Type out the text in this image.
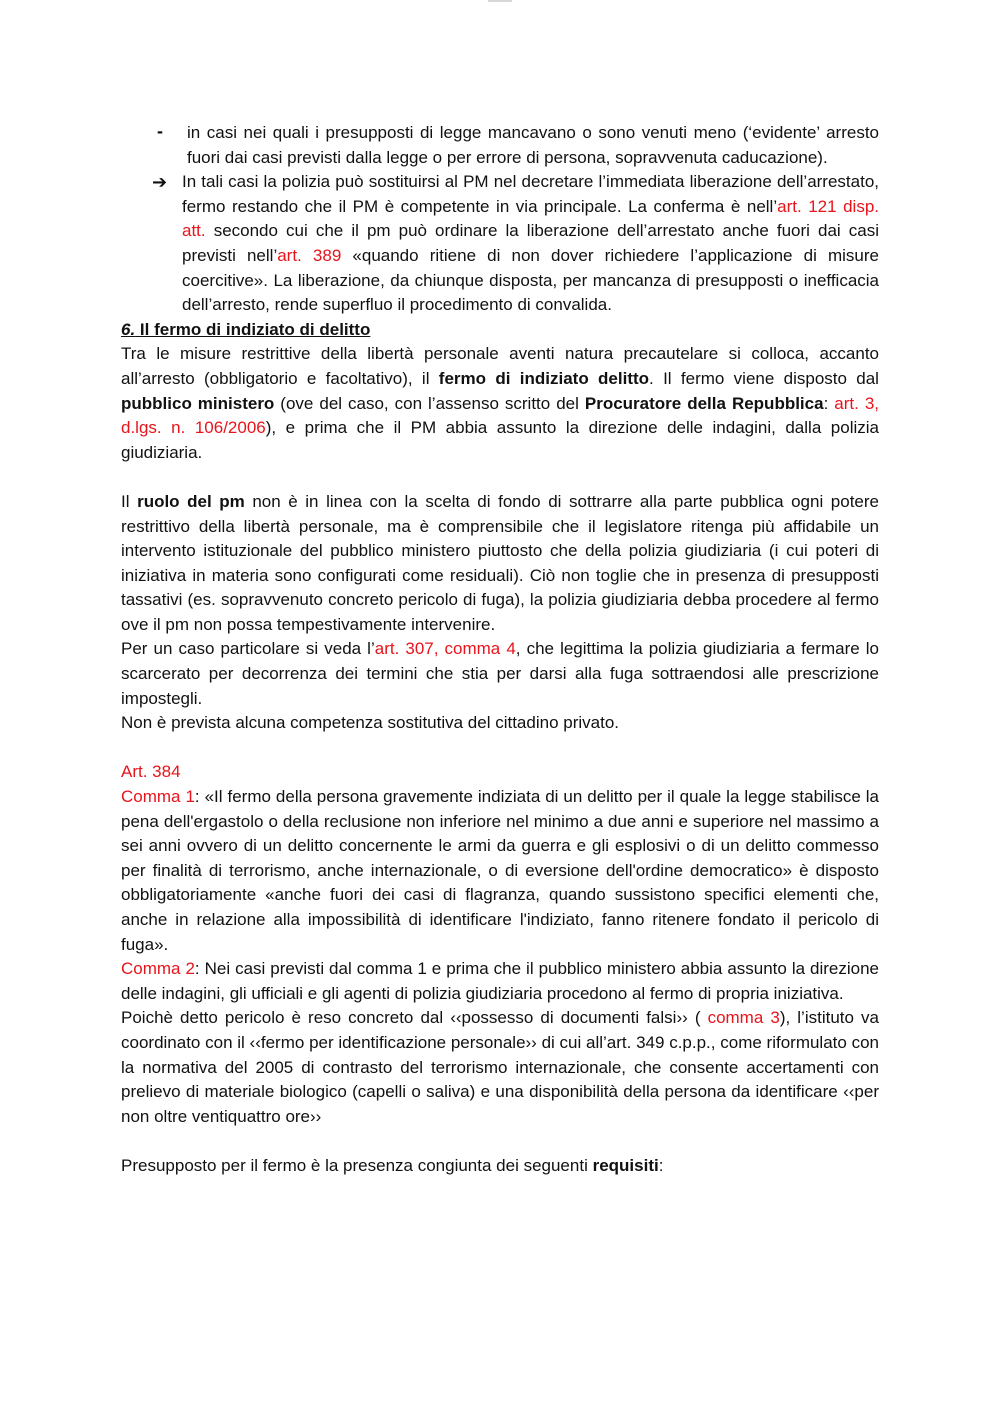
- in casi nei quali i presupposti di legge mancavano o sono venuti meno (‘evidente’ arresto fuori dai casi previsti dalla legge o per errore di persona, sopravvenuta caducazione).

➔ In tali casi la polizia può sostituirsi al PM nel decretare l’immediata liberazione dell’arrestato, fermo restando che il PM è competente in via principale. La conferma è nell’art. 121 disp. att. secondo cui che il pm può ordinare la liberazione dell’arrestato anche fuori dai casi previsti nell’art. 389 «quando ritiene di non dover richiedere l’applicazione di misure coercitive». La liberazione, da chiunque disposta, per mancanza di presupposti o inefficacia dell’arresto, rende superfluo il procedimento di convalida.

6. Il fermo di indiziato di delitto

Tra le misure restrittive della libertà personale aventi natura precautelare si colloca, accanto all’arresto (obbligatorio e facoltativo), il fermo di indiziato delitto. Il fermo viene disposto dal pubblico ministero (ove del caso, con l’assenso scritto del Procuratore della Repubblica: art. 3, d.lgs. n. 106/2006), e prima che il PM abbia assunto la direzione delle indagini, dalla polizia giudiziaria.

Il ruolo del pm non è in linea con la scelta di fondo di sottrarre alla parte pubblica ogni potere restrittivo della libertà personale, ma è comprensibile che il legislatore ritenga più affidabile un intervento istituzionale del pubblico ministero piuttosto che della polizia giudiziaria (i cui poteri di iniziativa in materia sono configurati come residuali). Ciò non toglie che in presenza di presupposti tassativi (es. sopravvenuto concreto pericolo di fuga), la polizia giudiziaria debba procedere al fermo ove il pm non possa tempestivamente intervenire.

Per un caso particolare si veda l’art. 307, comma 4, che legittima la polizia giudiziaria a fermare lo scarcerato per decorrenza dei termini che stia per darsi alla fuga sottraendosi alle prescrizione impostegli.

Non è prevista alcuna competenza sostitutiva del cittadino privato.

Art. 384

Comma 1: «Il fermo della persona gravemente indiziata di un delitto per il quale la legge stabilisce la pena dell'ergastolo o della reclusione non inferiore nel minimo a due anni e superiore nel massimo a sei anni ovvero di un delitto concernente le armi da guerra e gli esplosivi o di un delitto commesso per finalità di terrorismo, anche internazionale, o di eversione dell'ordine democratico» è disposto obbligatoriamente «anche fuori dei casi di flagranza, quando sussistono specifici elementi che, anche in relazione alla impossibilità di identificare l'indiziato, fanno ritenere fondato il pericolo di fuga».

Comma 2: Nei casi previsti dal comma 1 e prima che il pubblico ministero abbia assunto la direzione delle indagini, gli ufficiali e gli agenti di polizia giudiziaria procedono al fermo di propria iniziativa.

Poichè detto pericolo è reso concreto dal ‹‹possesso di documenti falsi›› ( comma 3), l’istituto va coordinato con il ‹‹fermo per identificazione personale›› di cui all’art. 349 c.p.p., come riformulato con la normativa del 2005 di contrasto del terrorismo internazionale, che consente accertamenti con prelievo di materiale biologico (capelli o saliva) e una disponibilità della persona da identificare ‹‹per non oltre ventiquattro ore››

Presupposto per il fermo è la presenza congiunta dei seguenti requisiti:
